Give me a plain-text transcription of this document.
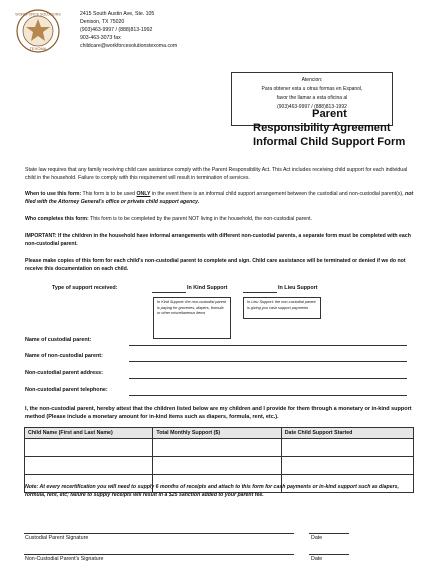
WORKFORCE SOLUTIONS
TEXOMA
2415 South Austin Ave, Ste. 105
Denison, TX 75020
(903)463-9997 / (888)813-1992
903-463-3073 fax
childcare@workforcesolutionstexoma.com
Atencion:
Para obtener esta u otras formas en Espanol,
favor the llamar a esta oficina al
(903)463-9997 / (888)813-1992
Parent
Responsibility Agreement
Informal Child Support Form
State law requires that any family receiving child care assistance comply with the Parent Responsibility Act. This Act includes receiving child support for each individual child in the household. Failure to comply with this requirement will result in termination of services.
When to use this form: This form is to be used ONLY in the event there is an informal child support arrangement between the custodial and non-custodial parent(s), not filed with the Attorney General's office or private child support agency.
Who completes this form: This form is to be completed by the parent NOT living in the household, the non-custodial parent.
IMPORTANT: If the children in the household have informal arrangements with different non-custodial parents, a separate form must be completed with each non-custodial parent.
Please make copies of this form for each child's non-custodial parent to complete and sign. Child care assistance will be terminated or denied if we do not receive this documentation on each child.
Type of support received:	In Kind Support	In Lieu Support
In Kind Support: the non-custodial parent is paying for groceries, diapers, formula or other miscellaneous items
In Lieu Support: the non-custodial parent is giving you cash support payments
Name of custodial parent:
Name of non-custodial parent:
Non-custodial parent address:
Non-custodial parent telephone:
I, the non-custodial parent, hereby attest that the children listed below are my children and I provide for them through a monetary or in-kind support method (Please include a monetary amount for in-kind items such as diapers, formula, rent, etc.).
Child Name (First and Last Name)	Total Monthly Support ($)	Date Child Support Started

Note: At every recertification you will need to supply 6 months of receipts and attach to this form for cash payments or in-kind support such as diapers, formula, rent, etc; failure to supply receipts will result in a $25 sanction added to your parent fee.
Custodial Parent Signature	Date
Non-Custodial Parent's Signature	Date
